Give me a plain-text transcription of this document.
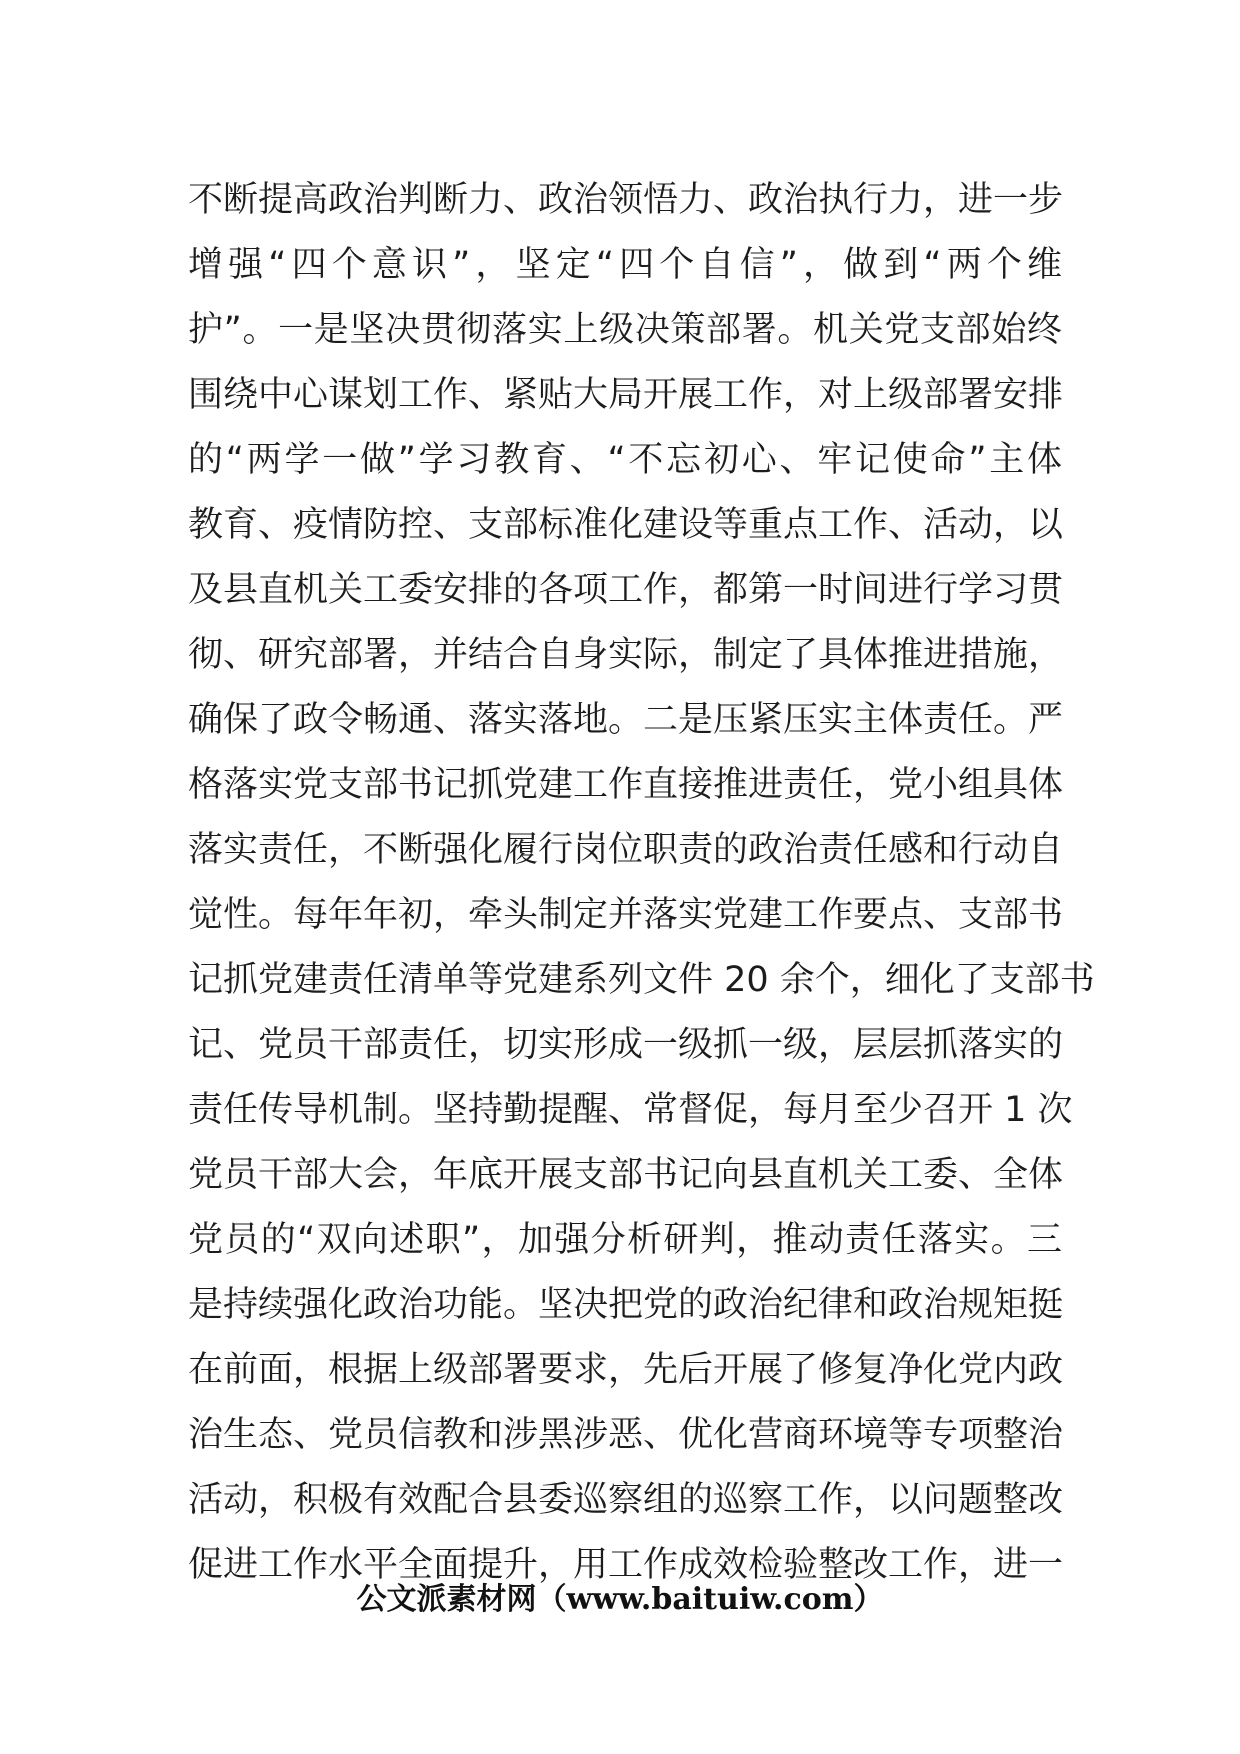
不断提高政治判断力、政治领悟力、政治执行力，进一步
增强“四个意识”，坚定“四个自信”，做到“两个维
护”。一是坚决贯彻落实上级决策部署。机关党支部始终
围绕中心谋划工作、紧贴大局开展工作，对上级部署安排
的“两学一做”学习教育、“不忘初心、牢记使命”主体
教育、疫情防控、支部标准化建设等重点工作、活动，以
及县直机关工委安排的各项工作，都第一时间进行学习贯
彻、研究部署，并结合自身实际，制定了具体推进措施，
确保了政令畅通、落实落地。二是压紧压实主体责任。严
格落实党支部书记抓党建工作直接推进责任，党小组具体
落实责任，不断强化履行岗位职责的政治责任感和行动自
觉性。每年年初，牵头制定并落实党建工作要点、支部书
记抓党建责任清单等党建系列文件 20 余个，细化了支部书
记、党员干部责任，切实形成一级抓一级，层层抓落实的
责任传导机制。坚持勤提醒、常督促，每月至少召开 1 次
党员干部大会，年底开展支部书记向县直机关工委、全体
党员的“双向述职”，加强分析研判，推动责任落实。三
是持续强化政治功能。坚决把党的政治纪律和政治规矩挺
在前面，根据上级部署要求，先后开展了修复净化党内政
治生态、党员信教和涉黑涉恶、优化营商环境等专项整治
活动，积极有效配合县委巡察组的巡察工作，以问题整改
促进工作水平全面提升，用工作成效检验整改工作，进一
公文派素材网（www.baituiw.com）
